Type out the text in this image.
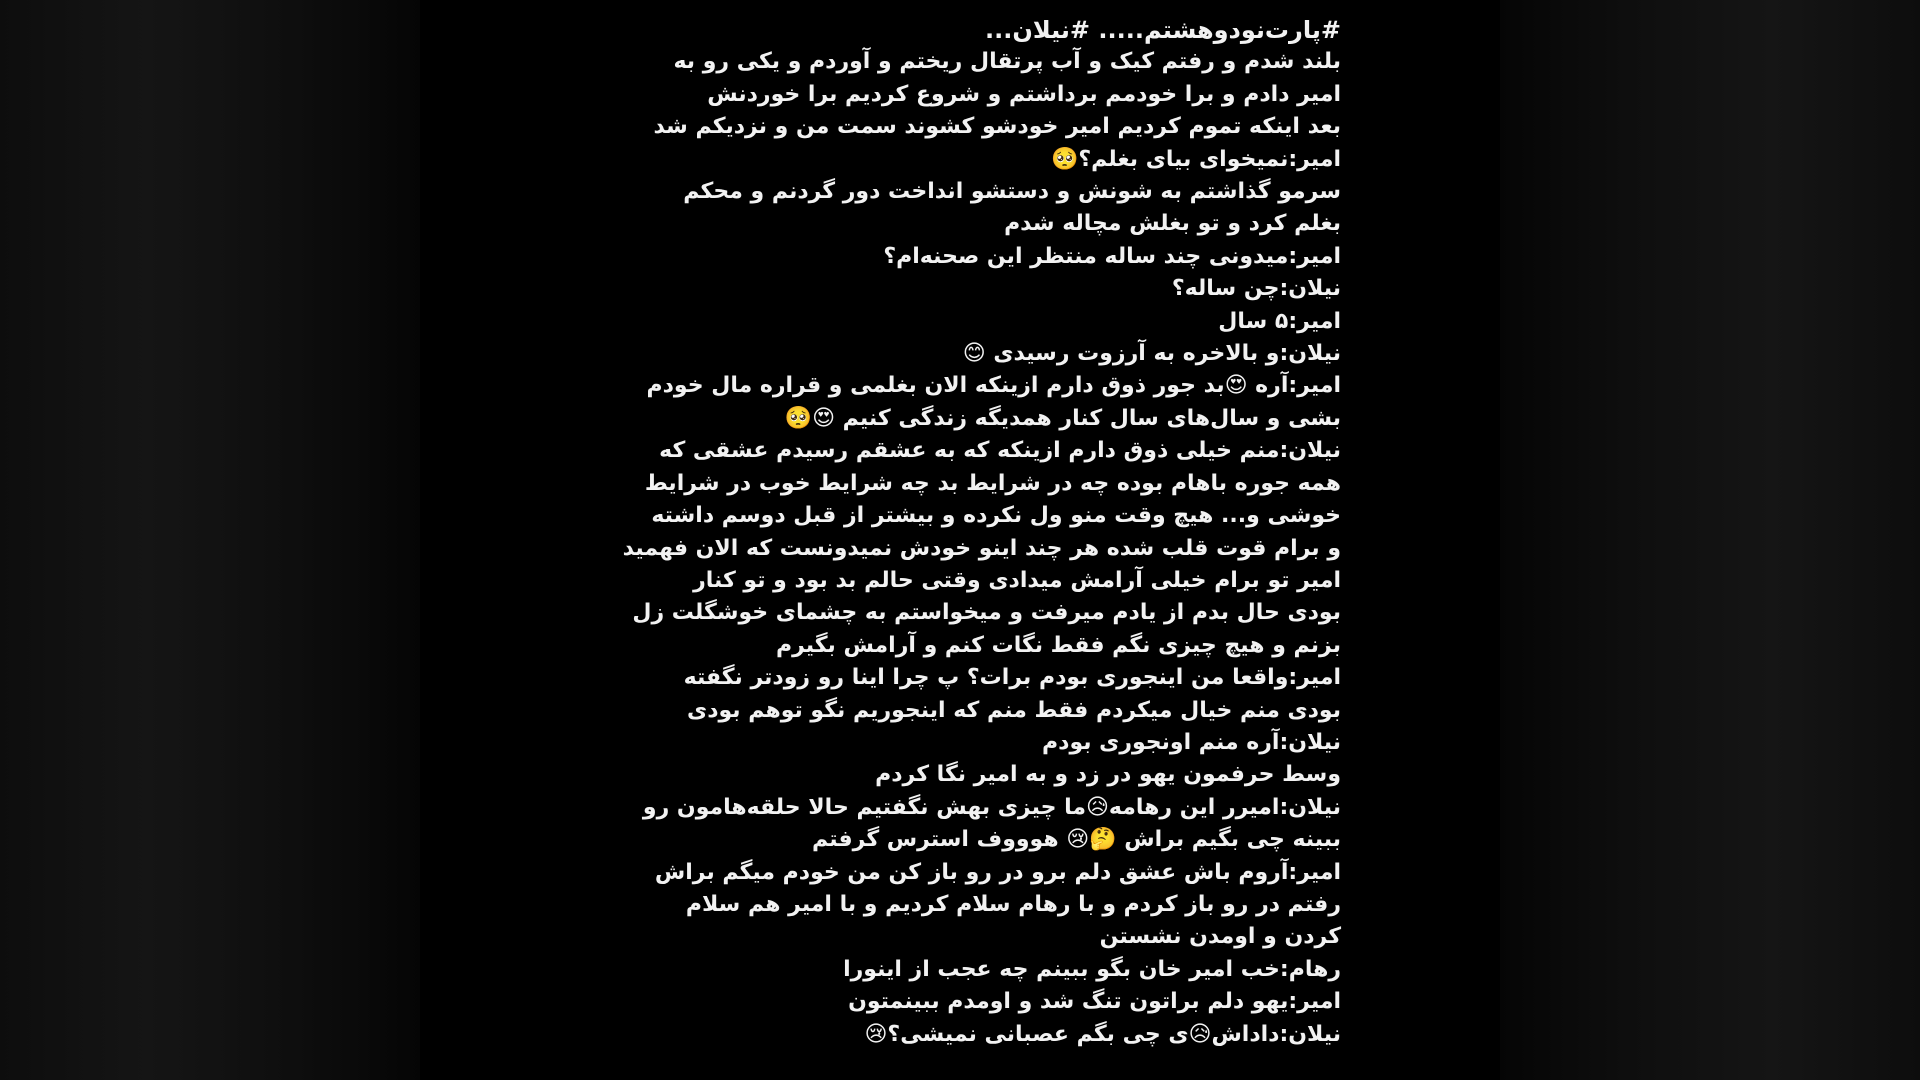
#پارت‌نودوهشتم..... #نیلان...
بلند شدم و رفتم کیک و آب پرتقال ریختم و آوردم و یکی رو به
امیر دادم و برا خودمم برداشتم و شروع کردیم برا خوردنش
بعد اینکه تموم کردیم امیر خودشو کشوند سمت من و نزدیکم شد
امیر:نمیخوای بیای بغلم؟🥺
سرمو گذاشتم به شونش و دستشو انداخت دور گردنم و محکم
بغلم کرد و تو بغلش مچاله شدم
امیر:میدونی چند ساله منتظر این صحنه‌ام؟
نیلان:چن ساله؟
امیر:۵ سال
نیلان:و بالاخره به آرزوت رسیدی 😊
امیر:آره 😍بد جور ذوق دارم ازینکه الان بغلمی و قراره مال خودم
بشی و سال‌های سال کنار همدیگه زندگی کنیم 😍🥺
نیلان:منم خیلی ذوق دارم ازینکه که به عشقم رسیدم عشقی که
همه جوره باهام بوده چه در شرایط بد چه شرایط خوب در شرایط
خوشی و... هیچ وقت منو ول نکرده و بیشتر از قبل دوسم داشته
و برام قوت قلب شده هر چند اینو خودش نمیدونست که الان فهمید
امیر تو برام خیلی آرامش میدادی وقتی حالم بد بود و تو کنار
بودی حال بدم از یادم میرفت و میخواستم به چشمای خوشگلت زل
بزنم و هیچ چیزی نگم فقط نگات کنم و آرامش بگیرم
امیر:واقعا من اینجوری بودم برات؟ پ چرا اینا رو زودتر نگفته
بودی منم خیال میکردم فقط منم که اینجوریم نگو توهم بودی
نیلان:آره منم اونجوری بودم
وسط حرفمون یهو در زد و به امیر نگا کردم
نیلان:امیرر این رهامه😥ما چیزی بهش نگفتیم حالا حلقه‌هامون رو
ببینه چی بگیم براش 🤔😢 هوووف استرس گرفتم
امیر:آروم باش عشق دلم برو در رو باز کن من خودم میگم براش
رفتم در رو باز کردم و با رهام سلام کردیم و با امیر هم سلام
کردن و اومدن نشستن
رهام:خب امیر خان بگو ببینم چه عجب از اینورا
امیر:یهو دلم براتون تنگ شد و اومدم ببینمتون
نیلان:داداش😥ی چی بگم عصبانی نمیشی؟😢
